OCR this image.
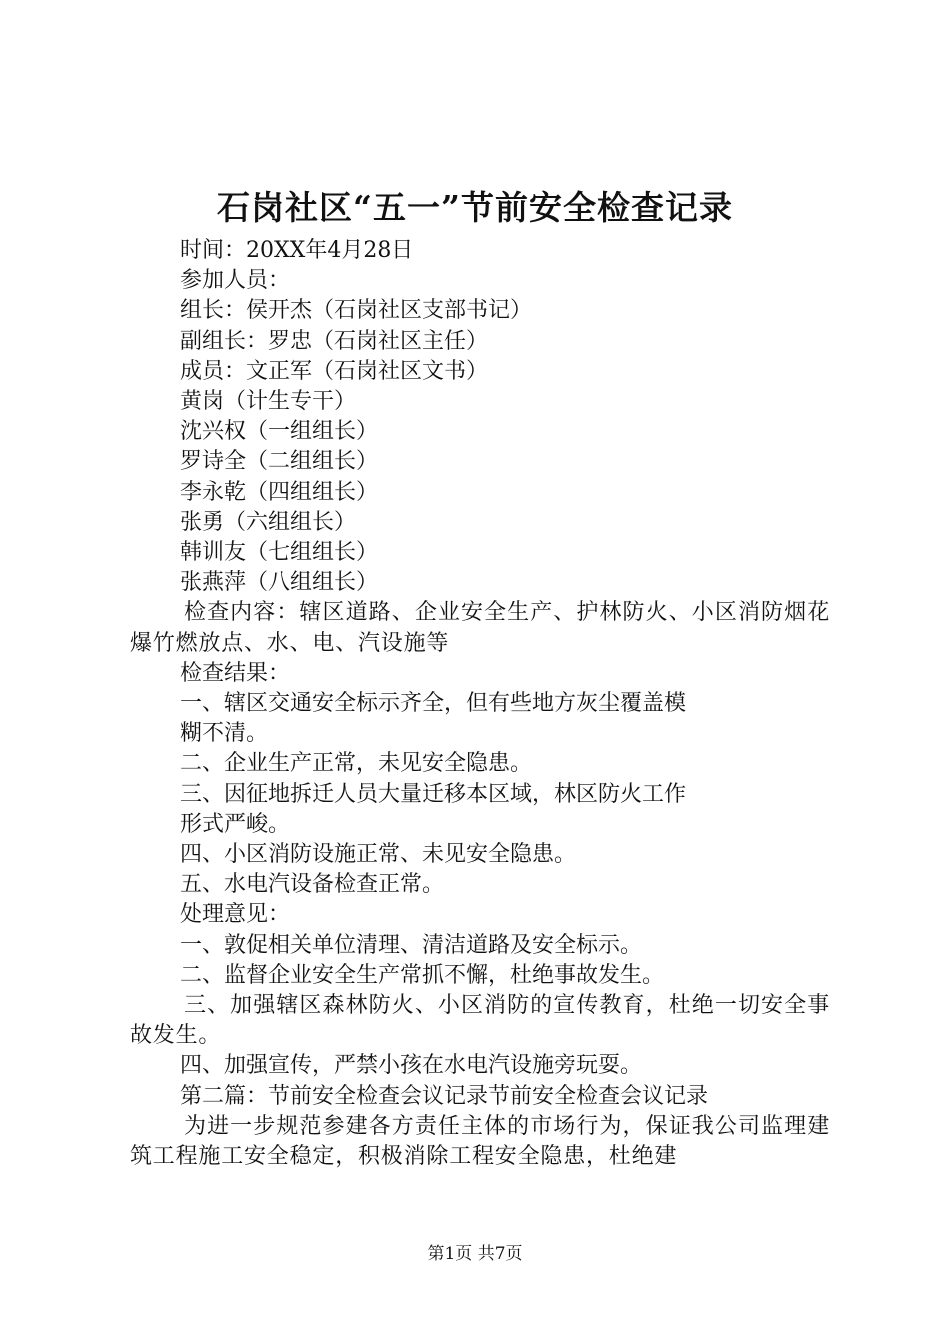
石岗社区“五一”节前安全检查记录
时间：20XX年4月28日
参加人员：
组长：侯开杰（石岗社区支部书记）
副组长：罗忠（石岗社区主任）
成员：文正军（石岗社区文书）
黄岗（计生专干）
沈兴权（一组组长）
罗诗全（二组组长）
李永乾（四组组长）
张勇（六组组长）
韩训友（七组组长）
张燕萍（八组组长）
检查内容：辖区道路、企业安全生产、护林防火、小区消防烟花爆竹燃放点、水、电、汽设施等
检查结果：
一、辖区交通安全标示齐全，但有些地方灰尘覆盖模
糊不清。
二、企业生产正常，未见安全隐患。
三、因征地拆迁人员大量迁移本区域，林区防火工作
形式严峻。
四、小区消防设施正常、未见安全隐患。
五、水电汽设备检查正常。
处理意见：
一、敦促相关单位清理、清洁道路及安全标示。
二、监督企业安全生产常抓不懈，杜绝事故发生。
三、加强辖区森林防火、小区消防的宣传教育，杜绝一切安全事故发生。
四、加强宣传，严禁小孩在水电汽设施旁玩耍。
第二篇：节前安全检查会议记录节前安全检查会议记录
为进一步规范参建各方责任主体的市场行为，保证我公司监理建筑工程施工安全稳定，积极消除工程安全隐患，杜绝建
第1页 共7页
